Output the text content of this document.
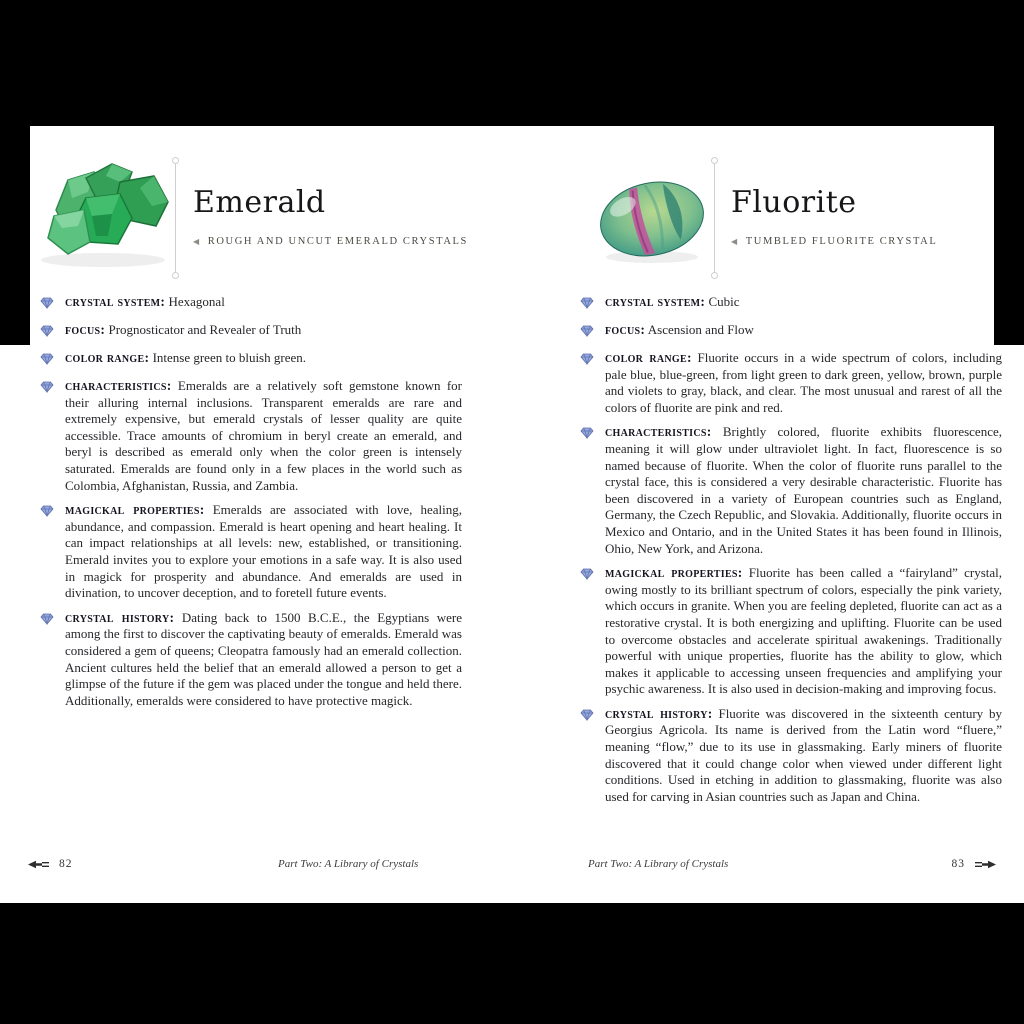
Emerald
◀ ROUGH AND UNCUT EMERALD CRYSTALS

crystal system: Hexagonal

focus: Prognosticator and Revealer of Truth

color range: Intense green to bluish green.

characteristics: Emeralds are a relatively soft gemstone known for their alluring internal inclusions. Transparent emeralds are rare and extremely expensive, but emerald crystals of lesser quality are quite accessible. Trace amounts of chromium in beryl create an emerald, and beryl is described as emerald only when the color green is intensely saturated. Emeralds are found only in a few places in the world such as Colombia, Afghanistan, Russia, and Zambia.

magickal properties: Emeralds are associated with love, healing, abundance, and compassion. Emerald is heart opening and heart healing. It can impact relationships at all levels: new, established, or transitioning. Emerald invites you to explore your emotions in a safe way. It is also used in magick for prosperity and abundance. And emeralds are used in divination, to uncover deception, and to foretell future events.

crystal history: Dating back to 1500 B.C.E., the Egyptians were among the first to discover the captivating beauty of emeralds. Emerald was considered a gem of queens; Cleopatra famously had an emerald collection. Ancient cultures held the belief that an emerald allowed a person to get a glimpse of the future if the gem was placed under the tongue and held there. Additionally, emeralds were considered to have protective magick.

82	Part Two: A Library of Crystals
Fluorite
◀ TUMBLED FLUORITE CRYSTAL

crystal system: Cubic

focus: Ascension and Flow

color range: Fluorite occurs in a wide spectrum of colors, including pale blue, blue-green, from light green to dark green, yellow, brown, purple and violets to gray, black, and clear. The most unusual and rarest of all the colors of fluorite are pink and red.

characteristics: Brightly colored, fluorite exhibits fluorescence, meaning it will glow under ultraviolet light. In fact, fluorescence is so named because of fluorite. When the color of fluorite runs parallel to the crystal face, this is considered a very desirable characteristic. Fluorite has been discovered in a variety of European countries such as England, Germany, the Czech Republic, and Slovakia. Additionally, fluorite occurs in Mexico and Ontario, and in the United States it has been found in Illinois, Ohio, New York, and Arizona.

magickal properties: Fluorite has been called a “fairyland” crystal, owing mostly to its brilliant spectrum of colors, especially the pink variety, which occurs in granite. When you are feeling depleted, fluorite can act as a restorative crystal. It is both energizing and uplifting. Fluorite can be used to overcome obstacles and accelerate spiritual awakenings. Traditionally powerful with unique properties, fluorite has the ability to glow, which makes it applicable to accessing unseen frequencies and amplifying your psychic awareness. It is also used in decision-making and improving focus.

crystal history: Fluorite was discovered in the sixteenth century by Georgius Agricola. Its name is derived from the Latin word “fluere,” meaning “flow,” due to its use in glassmaking. Early miners of fluorite discovered that it could change color when viewed under different light conditions. Used in etching in addition to glassmaking, fluorite was also used for carving in Asian countries such as Japan and China.

Part Two: A Library of Crystals	83
